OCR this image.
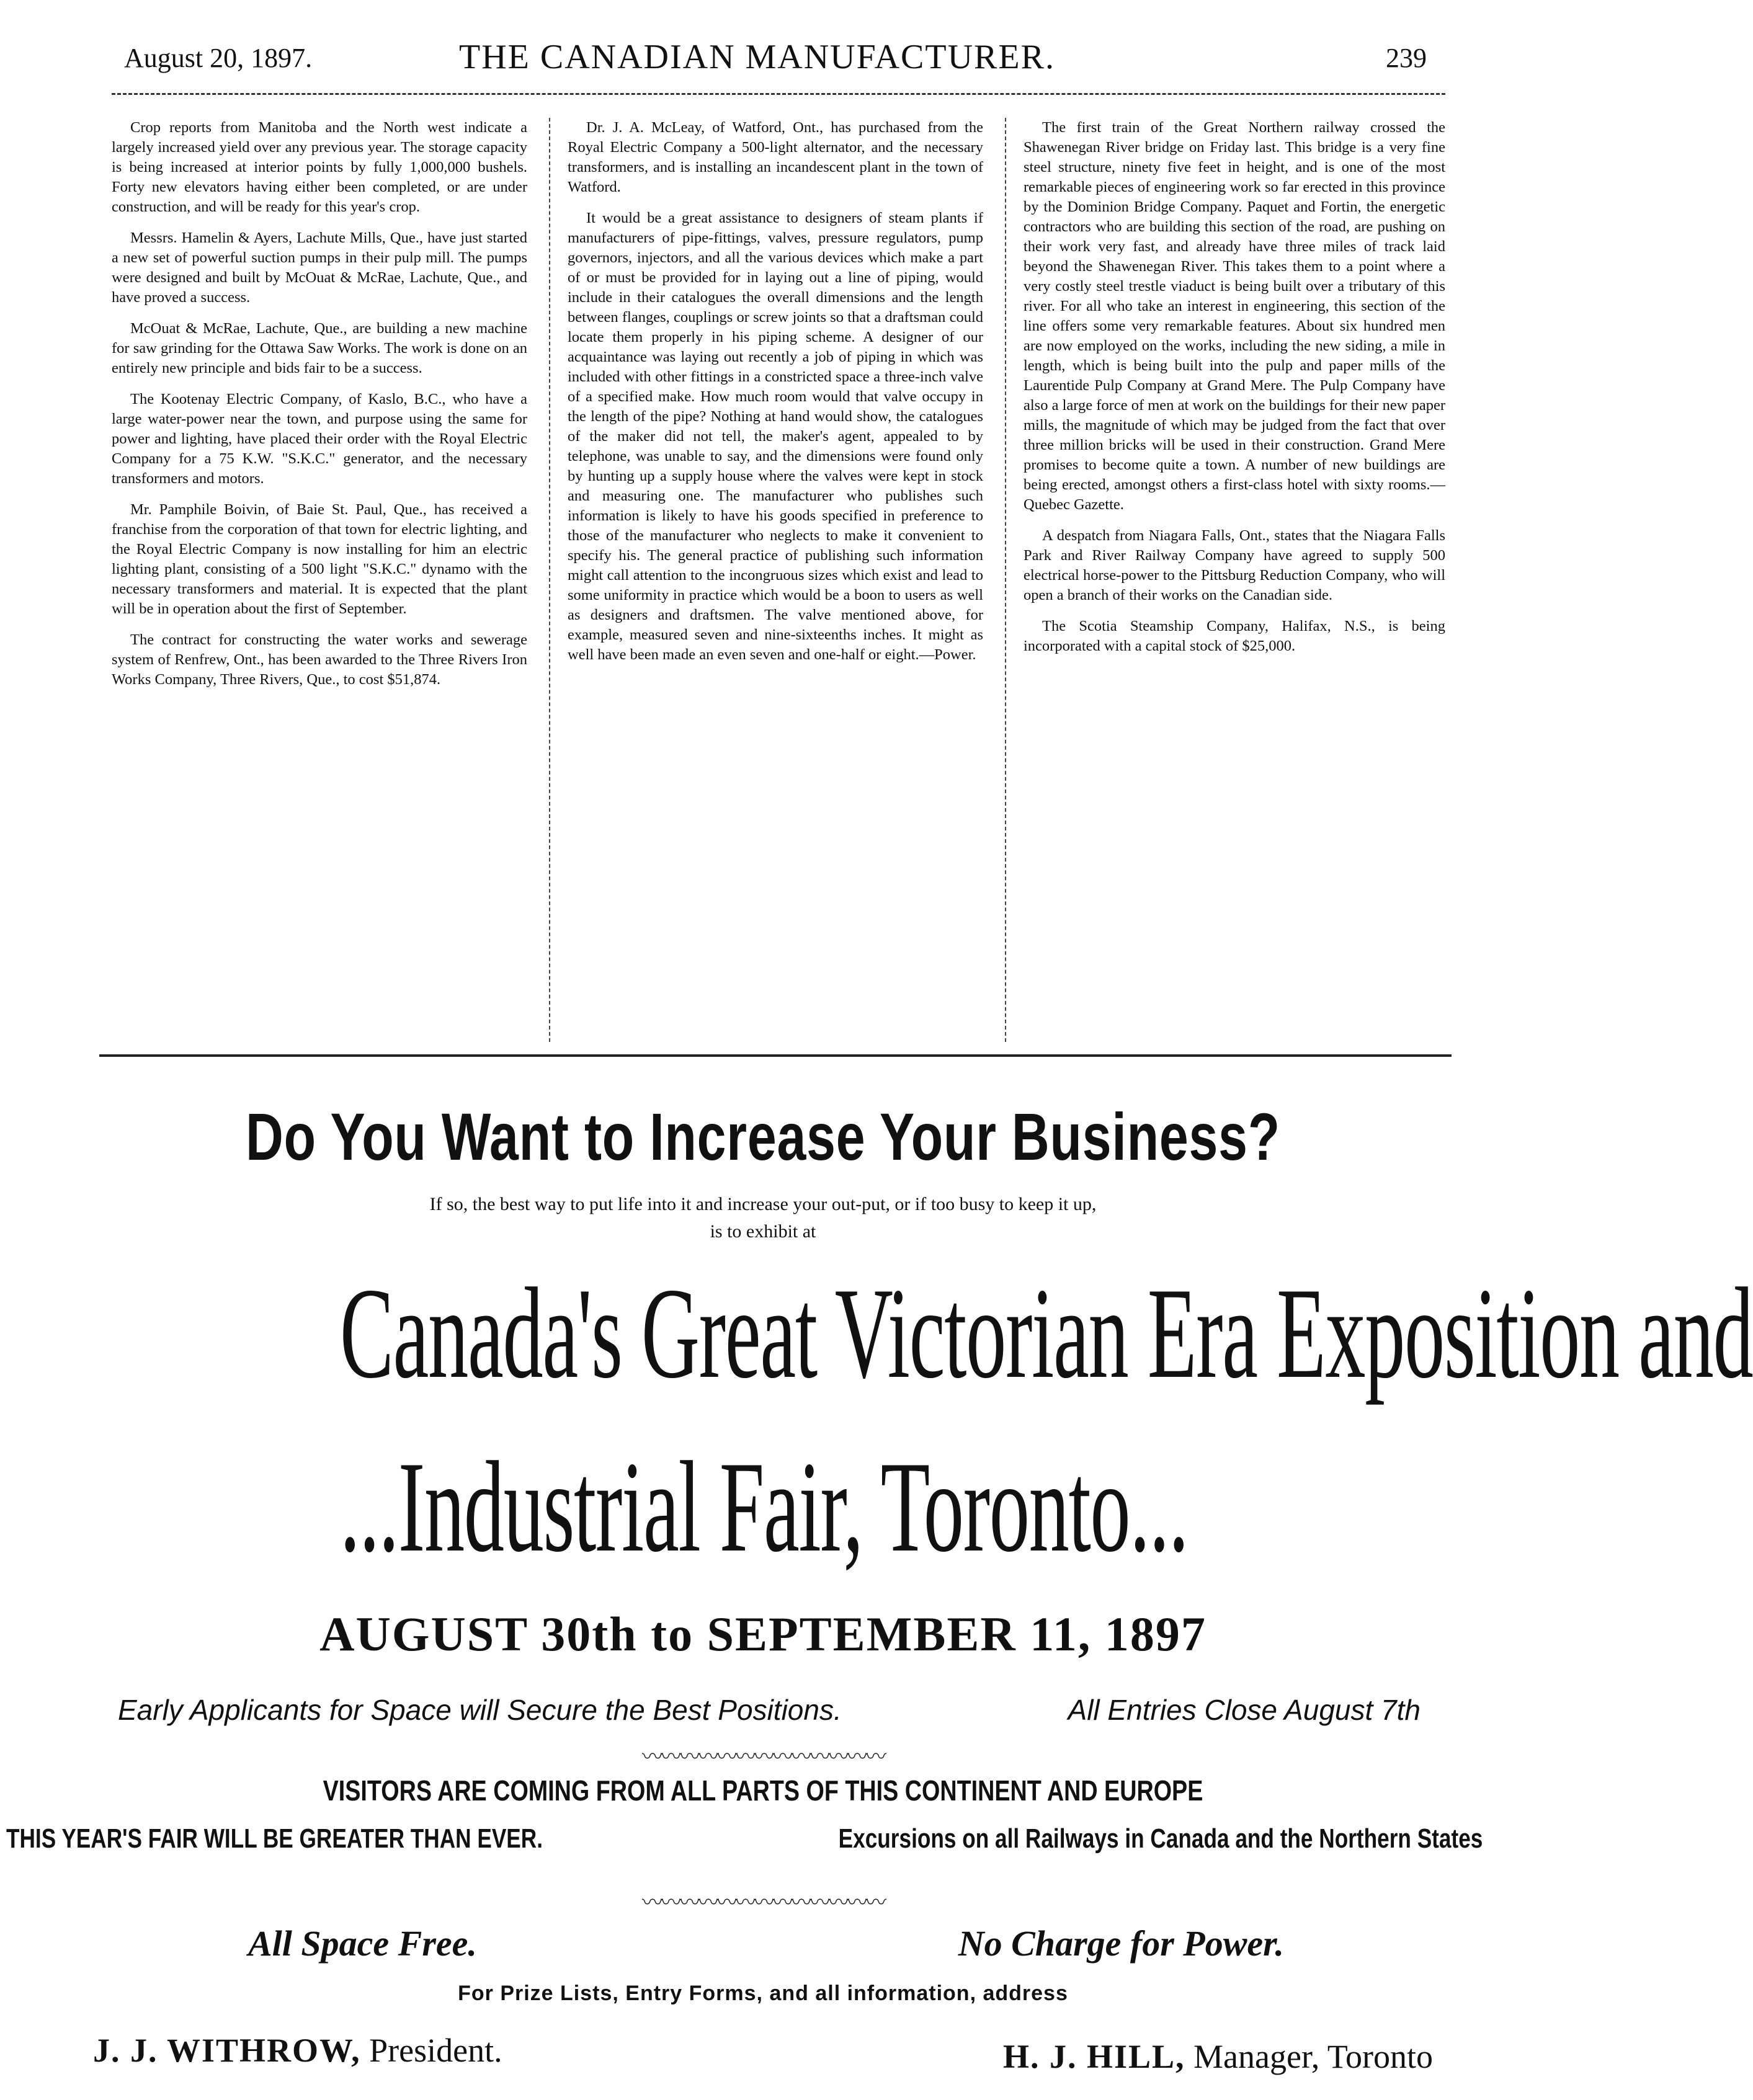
August 20, 1897.	THE CANADIAN MANUFACTURER.	239

Crop reports from Manitoba and the North west indicate a largely increased yield over any previous year. The storage capacity is being increased at interior points by fully 1,000,000 bushels. Forty new elevators having either been completed, or are under construction, and will be ready for this year's crop.

Messrs. Hamelin & Ayers, Lachute Mills, Que., have just started a new set of powerful suction pumps in their pulp mill. The pumps were designed and built by McOuat & McRae, Lachute, Que., and have proved a success.

McOuat & McRae, Lachute, Que., are building a new machine for saw grinding for the Ottawa Saw Works. The work is done on an entirely new principle and bids fair to be a success.

The Kootenay Electric Company, of Kaslo, B.C., who have a large water-power near the town, and purpose using the same for power and lighting, have placed their order with the Royal Electric Company for a 75 K.W. "S.K.C." generator, and the necessary transformers and motors.

Mr. Pamphile Boivin, of Baie St. Paul, Que., has received a franchise from the corporation of that town for electric lighting, and the Royal Electric Company is now installing for him an electric lighting plant, consisting of a 500 light "S.K.C." dynamo with the necessary transformers and material. It is expected that the plant will be in operation about the first of September.

The contract for constructing the water works and sewerage system of Renfrew, Ont., has been awarded to the Three Rivers Iron Works Company, Three Rivers, Que., to cost $51,874.

Dr. J. A. McLeay, of Watford, Ont., has purchased from the Royal Electric Company a 500-light alternator, and the necessary transformers, and is installing an incandescent plant in the town of Watford.

It would be a great assistance to designers of steam plants if manufacturers of pipe-fittings, valves, pressure regulators, pump governors, injectors, and all the various devices which make a part of or must be provided for in laying out a line of piping, would include in their catalogues the overall dimensions and the length between flanges, couplings or screw joints so that a draftsman could locate them properly in his piping scheme. A designer of our acquaintance was laying out recently a job of piping in which was included with other fittings in a constricted space a three-inch valve of a specified make. How much room would that valve occupy in the length of the pipe? Nothing at hand would show, the catalogues of the maker did not tell, the maker's agent, appealed to by telephone, was unable to say, and the dimensions were found only by hunting up a supply house where the valves were kept in stock and measuring one. The manufacturer who publishes such information is likely to have his goods specified in preference to those of the manufacturer who neglects to make it convenient to specify his. The general practice of publishing such information might call attention to the incongruous sizes which exist and lead to some uniformity in practice which would be a boon to users as well as designers and draftsmen. The valve mentioned above, for example, measured seven and nine-sixteenths inches. It might as well have been made an even seven and one-half or eight.—Power.

The first train of the Great Northern railway crossed the Shawenegan River bridge on Friday last. This bridge is a very fine steel structure, ninety five feet in height, and is one of the most remarkable pieces of engineering work so far erected in this province by the Dominion Bridge Company. Paquet and Fortin, the energetic contractors who are building this section of the road, are pushing on their work very fast, and already have three miles of track laid beyond the Shawenegan River. This takes them to a point where a very costly steel trestle viaduct is being built over a tributary of this river. For all who take an interest in engineering, this section of the line offers some very remarkable features. About six hundred men are now employed on the works, including the new siding, a mile in length, which is being built into the pulp and paper mills of the Laurentide Pulp Company at Grand Mere. The Pulp Company have also a large force of men at work on the buildings for their new paper mills, the magnitude of which may be judged from the fact that over three million bricks will be used in their construction. Grand Mere promises to become quite a town. A number of new buildings are being erected, amongst others a first-class hotel with sixty rooms.—Quebec Gazette.

A despatch from Niagara Falls, Ont., states that the Niagara Falls Park and River Railway Company have agreed to supply 500 electrical horse-power to the Pittsburg Reduction Company, who will open a branch of their works on the Canadian side.

The Scotia Steamship Company, Halifax, N.S., is being incorporated with a capital stock of $25,000.

Do You Want to Increase Your Business?
If so, the best way to put life into it and increase your out-put, or if too busy to keep it up,
is to exhibit at
Canada's Great Victorian Era Exposition and
...Industrial Fair, Toronto...
AUGUST 30th to SEPTEMBER 11, 1897
Early Applicants for Space will Secure the Best Positions.	All Entries Close August 7th
〰〰〰〰〰〰〰〰〰〰〰〰〰
VISITORS ARE COMING FROM ALL PARTS OF THIS CONTINENT AND EUROPE
THIS YEAR'S FAIR WILL BE GREATER THAN EVER.	Excursions on all Railways in Canada and the Northern States
〰〰〰〰〰〰〰〰〰〰〰〰〰
All Space Free.	No Charge for Power.
For Prize Lists, Entry Forms, and all information, address
J. J. WITHROW, President.	H. J. HILL, Manager, Toronto
